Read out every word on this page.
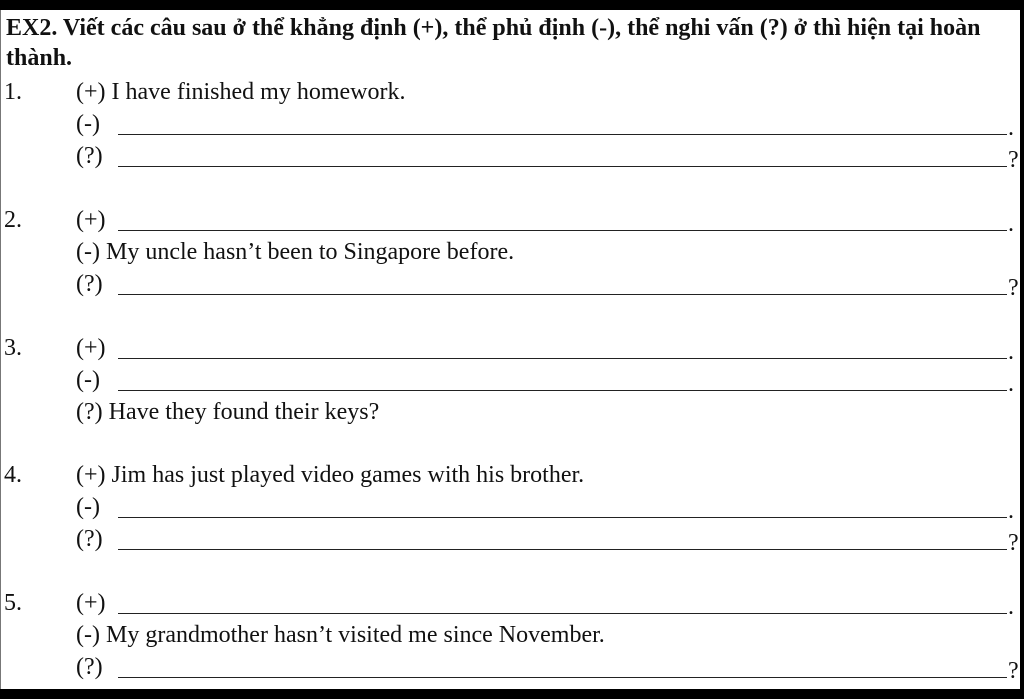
EX2. Viết các câu sau ở thể khẳng định (+), thể phủ định (-), thể nghi vấn (?) ở thì hiện tại hoàn thành.
1. (+) I have finished my homework.
(-)	.
(?)	?
2. (+)	.
(-) My uncle hasn’t been to Singapore before.
(?)	?
3. (+)	.
(-)	.
(?) Have they found their keys?
4. (+) Jim has just played video games with his brother.
(-)	.
(?)	?
5. (+)	.
(-) My grandmother hasn’t visited me since November.
(?)	?
